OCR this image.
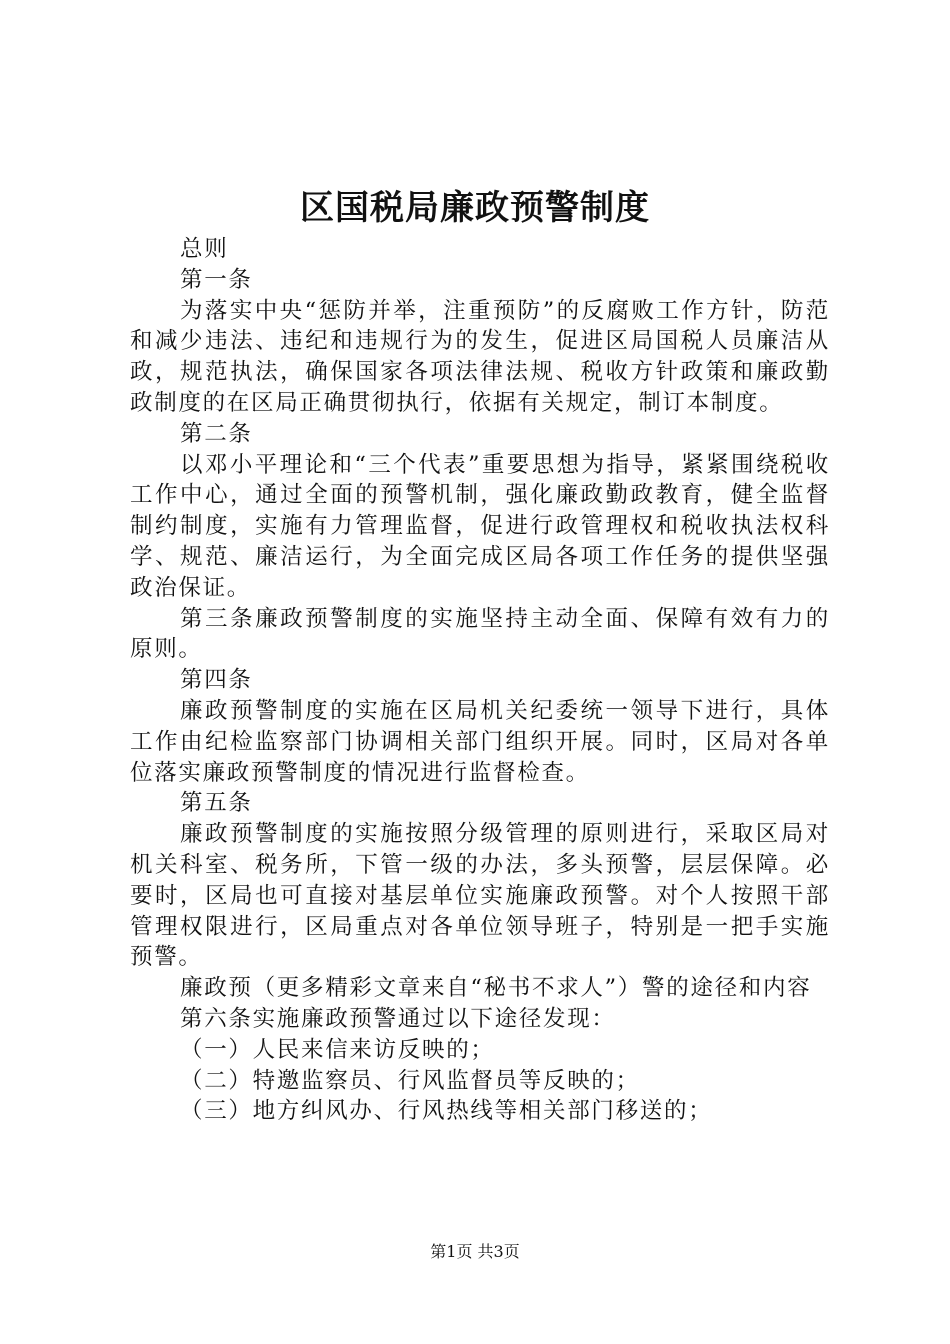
区国税局廉政预警制度

总则

第一条

为落实中央“惩防并举，注重预防”的反腐败工作方针，防范和减少违法、违纪和违规行为的发生，促进区局国税人员廉洁从政，规范执法，确保国家各项法律法规、税收方针政策和廉政勤政制度的在区局正确贯彻执行，依据有关规定，制订本制度。

第二条

以邓小平理论和“三个代表”重要思想为指导，紧紧围绕税收工作中心，通过全面的预警机制，强化廉政勤政教育，健全监督制约制度，实施有力管理监督，促进行政管理权和税收执法权科学、规范、廉洁运行，为全面完成区局各项工作任务的提供坚强政治保证。

第三条廉政预警制度的实施坚持主动全面、保障有效有力的原则。

第四条

廉政预警制度的实施在区局机关纪委统一领导下进行，具体工作由纪检监察部门协调相关部门组织开展。同时，区局对各单位落实廉政预警制度的情况进行监督检查。

第五条

廉政预警制度的实施按照分级管理的原则进行，采取区局对机关科室、税务所，下管一级的办法，多头预警，层层保障。必要时，区局也可直接对基层单位实施廉政预警。对个人按照干部管理权限进行，区局重点对各单位领导班子，特别是一把手实施预警。

廉政预（更多精彩文章来自“秘书不求人”）警的途径和内容

第六条实施廉政预警通过以下途径发现：

（一）人民来信来访反映的；

（二）特邀监察员、行风监督员等反映的；

（三）地方纠风办、行风热线等相关部门移送的；

第1页 共3页
